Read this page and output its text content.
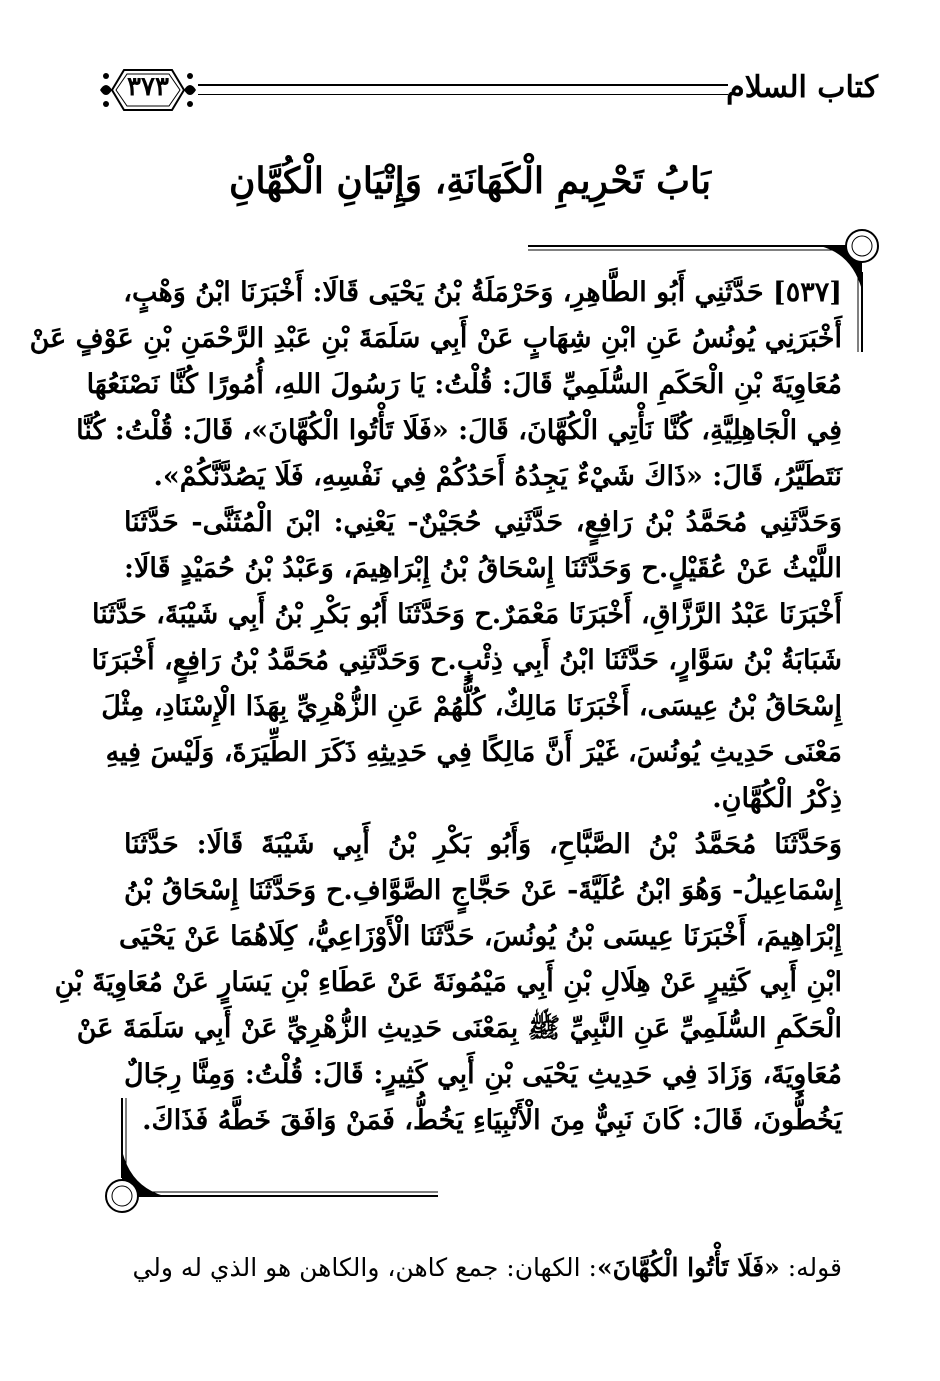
كتاب السلام
٣٧٣
بَابُ تَحْرِيمِ الْكَهَانَةِ، وَإِتْيَانِ الْكُهَّانِ
[٥٣٧] حَدَّثَنِي أَبُو الطَّاهِرِ، وَحَرْمَلَةُ بْنُ يَحْيَى قَالَا: أَخْبَرَنَا ابْنُ وَهْبٍ،
أَخْبَرَنِي يُونُسُ عَنِ ابْنِ شِهَابٍ عَنْ أَبِي سَلَمَةَ بْنِ عَبْدِ الرَّحْمَنِ بْنِ عَوْفٍ عَنْ
مُعَاوِيَةَ بْنِ الْحَكَمِ السُّلَمِيِّ قَالَ: قُلْتُ: يَا رَسُولَ اللهِ، أُمُورًا كُنَّا نَصْنَعُهَا
فِي الْجَاهِلِيَّةِ، كُنَّا نَأْتِي الْكُهَّانَ، قَالَ: «فَلَا تَأْتُوا الْكُهَّانَ»، قَالَ: قُلْتُ: كُنَّا
نَتَطَيَّرُ، قَالَ: «ذَاكَ شَيْءٌ يَجِدُهُ أَحَدُكُمْ فِي نَفْسِهِ، فَلَا يَصُدَّنَّكُمْ».
وَحَدَّثَنِي مُحَمَّدُ بْنُ رَافِعٍ، حَدَّثَنِي حُجَيْنٌ- يَعْنِي: ابْنَ الْمُثَنَّى- حَدَّثَنَا
اللَّيْثُ عَنْ عُقَيْلٍ.ح وَحَدَّثَنَا إِسْحَاقُ بْنُ إِبْرَاهِيمَ، وَعَبْدُ بْنُ حُمَيْدٍ قَالَا:
أَخْبَرَنَا عَبْدُ الرَّزَّاقِ، أَخْبَرَنَا مَعْمَرٌ.ح وَحَدَّثَنَا أَبُو بَكْرِ بْنُ أَبِي شَيْبَةَ، حَدَّثَنَا
شَبَابَةُ بْنُ سَوَّارٍ، حَدَّثَنَا ابْنُ أَبِي ذِئْبٍ.ح وَحَدَّثَنِي مُحَمَّدُ بْنُ رَافِعٍ، أَخْبَرَنَا
إِسْحَاقُ بْنُ عِيسَى، أَخْبَرَنَا مَالِكٌ، كُلُّهُمْ عَنِ الزُّهْرِيِّ بِهَذَا الْإِسْنَادِ، مِثْلَ
مَعْنَى حَدِيثِ يُونُسَ، غَيْرَ أَنَّ مَالِكًا فِي حَدِيثِهِ ذَكَرَ الطِّيَرَةَ، وَلَيْسَ فِيهِ
ذِكْرُ الْكُهَّانِ.
وَحَدَّثَنَا مُحَمَّدُ بْنُ الصَّبَّاحِ، وَأَبُو بَكْرِ بْنُ أَبِي شَيْبَةَ قَالَا: حَدَّثَنَا
إِسْمَاعِيلُ- وَهُوَ ابْنُ عُلَيَّةَ- عَنْ حَجَّاجٍ الصَّوَّافِ.ح وَحَدَّثَنَا إِسْحَاقُ بْنُ
إِبْرَاهِيمَ، أَخْبَرَنَا عِيسَى بْنُ يُونُسَ، حَدَّثَنَا الْأَوْزَاعِيُّ، كِلَاهُمَا عَنْ يَحْيَى
ابْنِ أَبِي كَثِيرٍ عَنْ هِلَالِ بْنِ أَبِي مَيْمُونَةَ عَنْ عَطَاءِ بْنِ يَسَارٍ عَنْ مُعَاوِيَةَ بْنِ
الْحَكَمِ السُّلَمِيِّ عَنِ النَّبِيِّ ﷺ بِمَعْنَى حَدِيثِ الزُّهْرِيِّ عَنْ أَبِي سَلَمَةَ عَنْ
مُعَاوِيَةَ، وَزَادَ فِي حَدِيثِ يَحْيَى بْنِ أَبِي كَثِيرٍ: قَالَ: قُلْتُ: وَمِنَّا رِجَالٌ
يَخُطُّونَ، قَالَ: كَانَ نَبِيٌّ مِنَ الْأَنْبِيَاءِ يَخُطُّ، فَمَنْ وَافَقَ خَطَّهُ فَذَاكَ.
قوله: «فَلَا تَأْتُوا الْكُهَّانَ»: الكهان: جمع كاهن، والكاهن هو الذي له ولي
